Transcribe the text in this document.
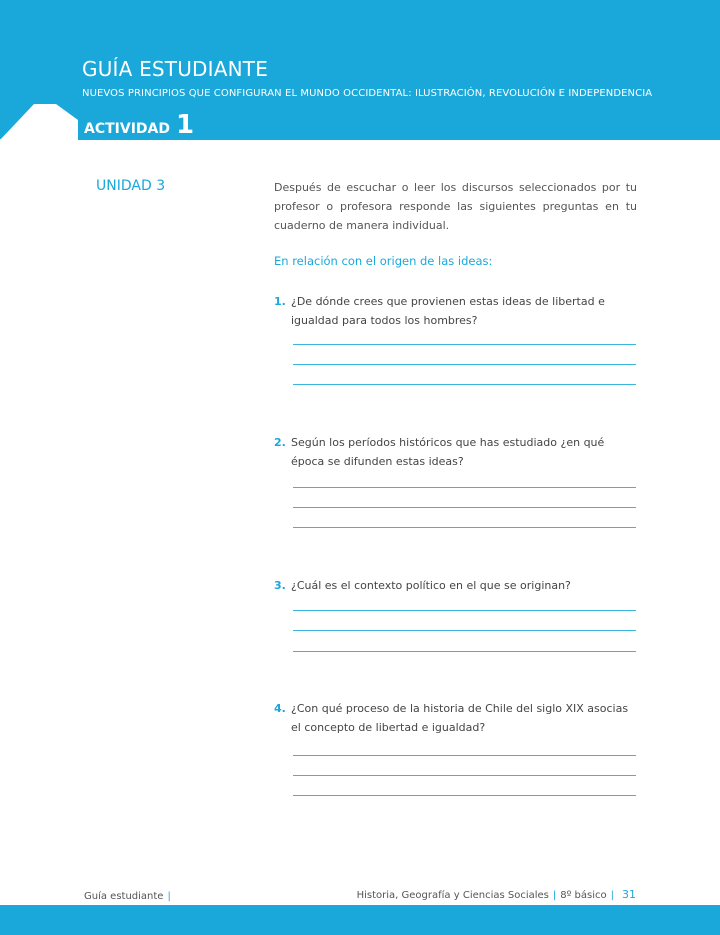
GUÍA ESTUDIANTE
NUEVOS PRINCIPIOS QUE CONFIGURAN EL MUNDO OCCIDENTAL: ILUSTRACIÓN, REVOLUCIÓN E INDEPENDENCIA
ACTIVIDAD 1
UNIDAD 3	Después de escuchar o leer los discursos seleccionados por tu profesor o profesora responde las siguientes preguntas en tu cuaderno de manera individual.
En relación con el origen de las ideas:
1. ¿De dónde crees que provienen estas ideas de libertad e igualdad para todos los hombres?
2. Según los períodos históricos que has estudiado ¿en qué época se difunden estas ideas?
3. ¿Cuál es el contexto político en el que se originan?
4. ¿Con qué proceso de la historia de Chile del siglo XIX asocias el concepto de libertad e igualdad?
Guía estudiante |	Historia, Geografía y Ciencias Sociales | 8º básico | 31
